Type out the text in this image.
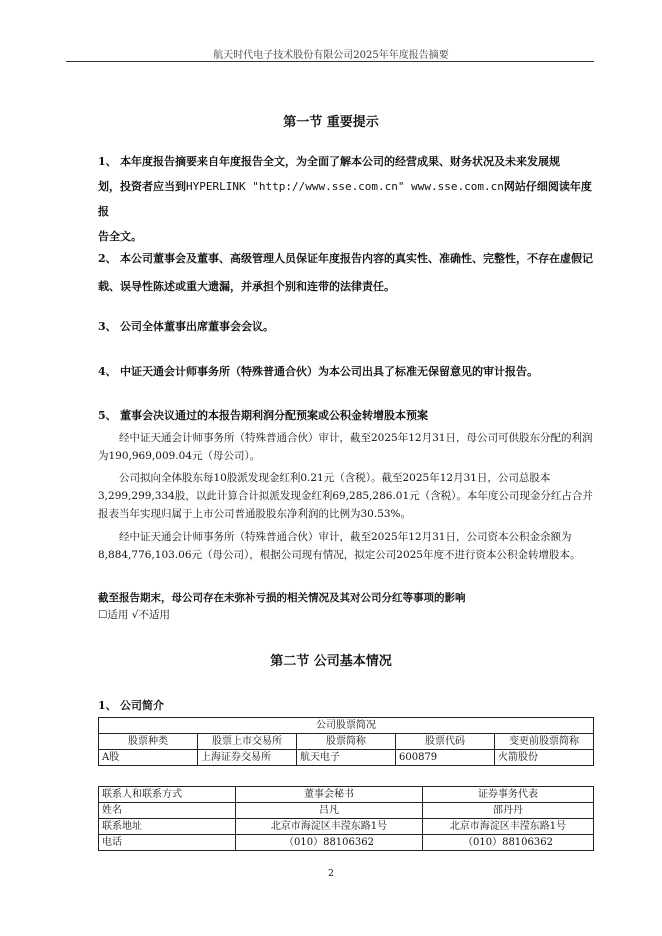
航天时代电子技术股份有限公司2025年年度报告摘要
第一节 重要提示
1、 本年度报告摘要来自年度报告全文，为全面了解本公司的经营成果、财务状况及未来发展规
划，投资者应当到HYPERLINK "http://www.sse.com.cn" www.sse.com.cn网站仔细阅读年度报
告全文。
2、 本公司董事会及董事、高级管理人员保证年度报告内容的真实性、准确性、完整性，不存在虚假记载、误导性陈述或重大遗漏，并承担个别和连带的法律责任。
3、 公司全体董事出席董事会会议。
4、 中证天通会计师事务所（特殊普通合伙）为本公司出具了标准无保留意见的审计报告。
5、 董事会决议通过的本报告期利润分配预案或公积金转增股本预案
经中证天通会计师事务所（特殊普通合伙）审计，截至2025年12月31日，母公司可供股东分配的利润为190,969,009.04元（母公司）。
公司拟向全体股东每10股派发现金红利0.21元（含税）。截至2025年12月31日，公司总股本3,299,299,334股，以此计算合计拟派发现金红利69,285,286.01元（含税）。本年度公司现金分红占合并报表当年实现归属于上市公司普通股股东净利润的比例为30.53%。
经中证天通会计师事务所（特殊普通合伙）审计，截至2025年12月31日，公司资本公积金余额为8,884,776,103.06元（母公司），根据公司现有情况，拟定公司2025年度不进行资本公积金转增股本。
截至报告期末，母公司存在未弥补亏损的相关情况及其对公司分红等事项的影响
☐适用 √不适用
第二节 公司基本情况
1、 公司简介
公司股票简况				
股票种类	股票上市交易所	股票简称	股票代码	变更前股票简称
A股	上海证券交易所	航天电子	600879	火箭股份
联系人和联系方式	董事会秘书	证券事务代表
姓名	吕凡	邵丹丹
联系地址	北京市海淀区丰滢东路1号	北京市海淀区丰滢东路1号
电话	（010）88106362	（010）88106362
2
